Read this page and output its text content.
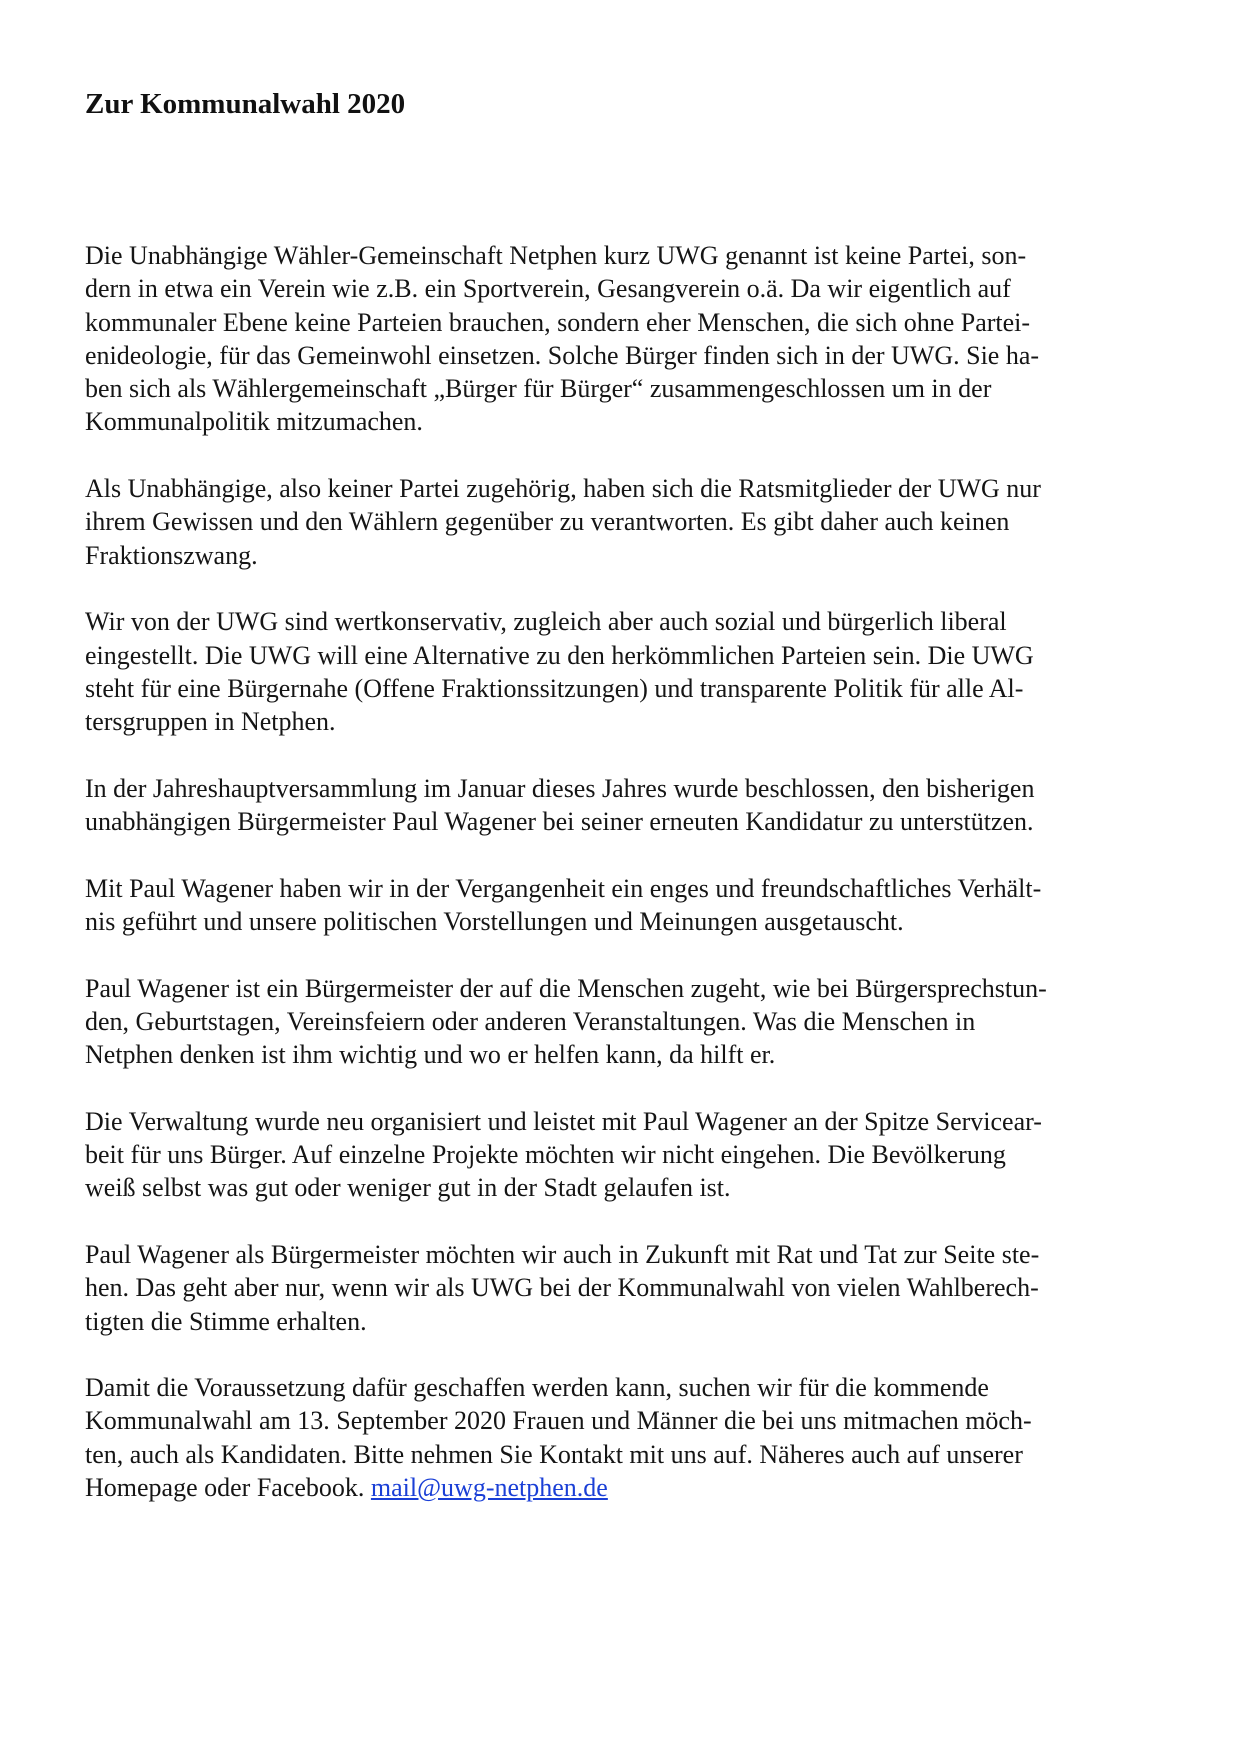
Zur Kommunalwahl 2020

Die Unabhängige Wähler-Gemeinschaft Netphen kurz UWG genannt ist keine Partei, son-
dern in etwa ein Verein wie z.B. ein Sportverein, Gesangverein o.ä. Da wir eigentlich auf
kommunaler Ebene keine Parteien brauchen, sondern eher Menschen, die sich ohne Partei-
enideologie, für das Gemeinwohl einsetzen. Solche Bürger finden sich in der UWG. Sie ha-
ben sich als Wählergemeinschaft „Bürger für Bürger“ zusammengeschlossen um in der
Kommunalpolitik mitzumachen.

Als Unabhängige, also keiner Partei zugehörig, haben sich die Ratsmitglieder der UWG nur
ihrem Gewissen und den Wählern gegenüber zu verantworten. Es gibt daher auch keinen
Fraktionszwang.

Wir von der UWG sind wertkonservativ, zugleich aber auch sozial und bürgerlich liberal
eingestellt. Die UWG will eine Alternative zu den herkömmlichen Parteien sein. Die UWG
steht für eine Bürgernahe (Offene Fraktionssitzungen) und transparente Politik für alle Al-
tersgruppen in Netphen.

In der Jahreshauptversammlung im Januar dieses Jahres wurde beschlossen, den bisherigen
unabhängigen Bürgermeister Paul Wagener bei seiner erneuten Kandidatur zu unterstützen.

Mit Paul Wagener haben wir in der Vergangenheit ein enges und freundschaftliches Verhält-
nis geführt und unsere politischen Vorstellungen und Meinungen ausgetauscht.

Paul Wagener ist ein Bürgermeister der auf die Menschen zugeht, wie bei Bürgersprechstun-
den, Geburtstagen, Vereinsfeiern oder anderen Veranstaltungen. Was die Menschen in
Netphen denken ist ihm wichtig und wo er helfen kann, da hilft er.

Die Verwaltung wurde neu organisiert und leistet mit Paul Wagener an der Spitze Servicear-
beit für uns Bürger. Auf einzelne Projekte möchten wir nicht eingehen. Die Bevölkerung
weiß selbst was gut oder weniger gut in der Stadt gelaufen ist.

Paul Wagener als Bürgermeister möchten wir auch in Zukunft mit Rat und Tat zur Seite ste-
hen. Das geht aber nur, wenn wir als UWG bei der Kommunalwahl von vielen Wahlberech-
tigten die Stimme erhalten.

Damit die Voraussetzung dafür geschaffen werden kann, suchen wir für die kommende
Kommunalwahl am 13. September 2020 Frauen und Männer die bei uns mitmachen möch-
ten, auch als Kandidaten. Bitte nehmen Sie Kontakt mit uns auf. Näheres auch auf unserer
Homepage oder Facebook. mail@uwg-netphen.de
